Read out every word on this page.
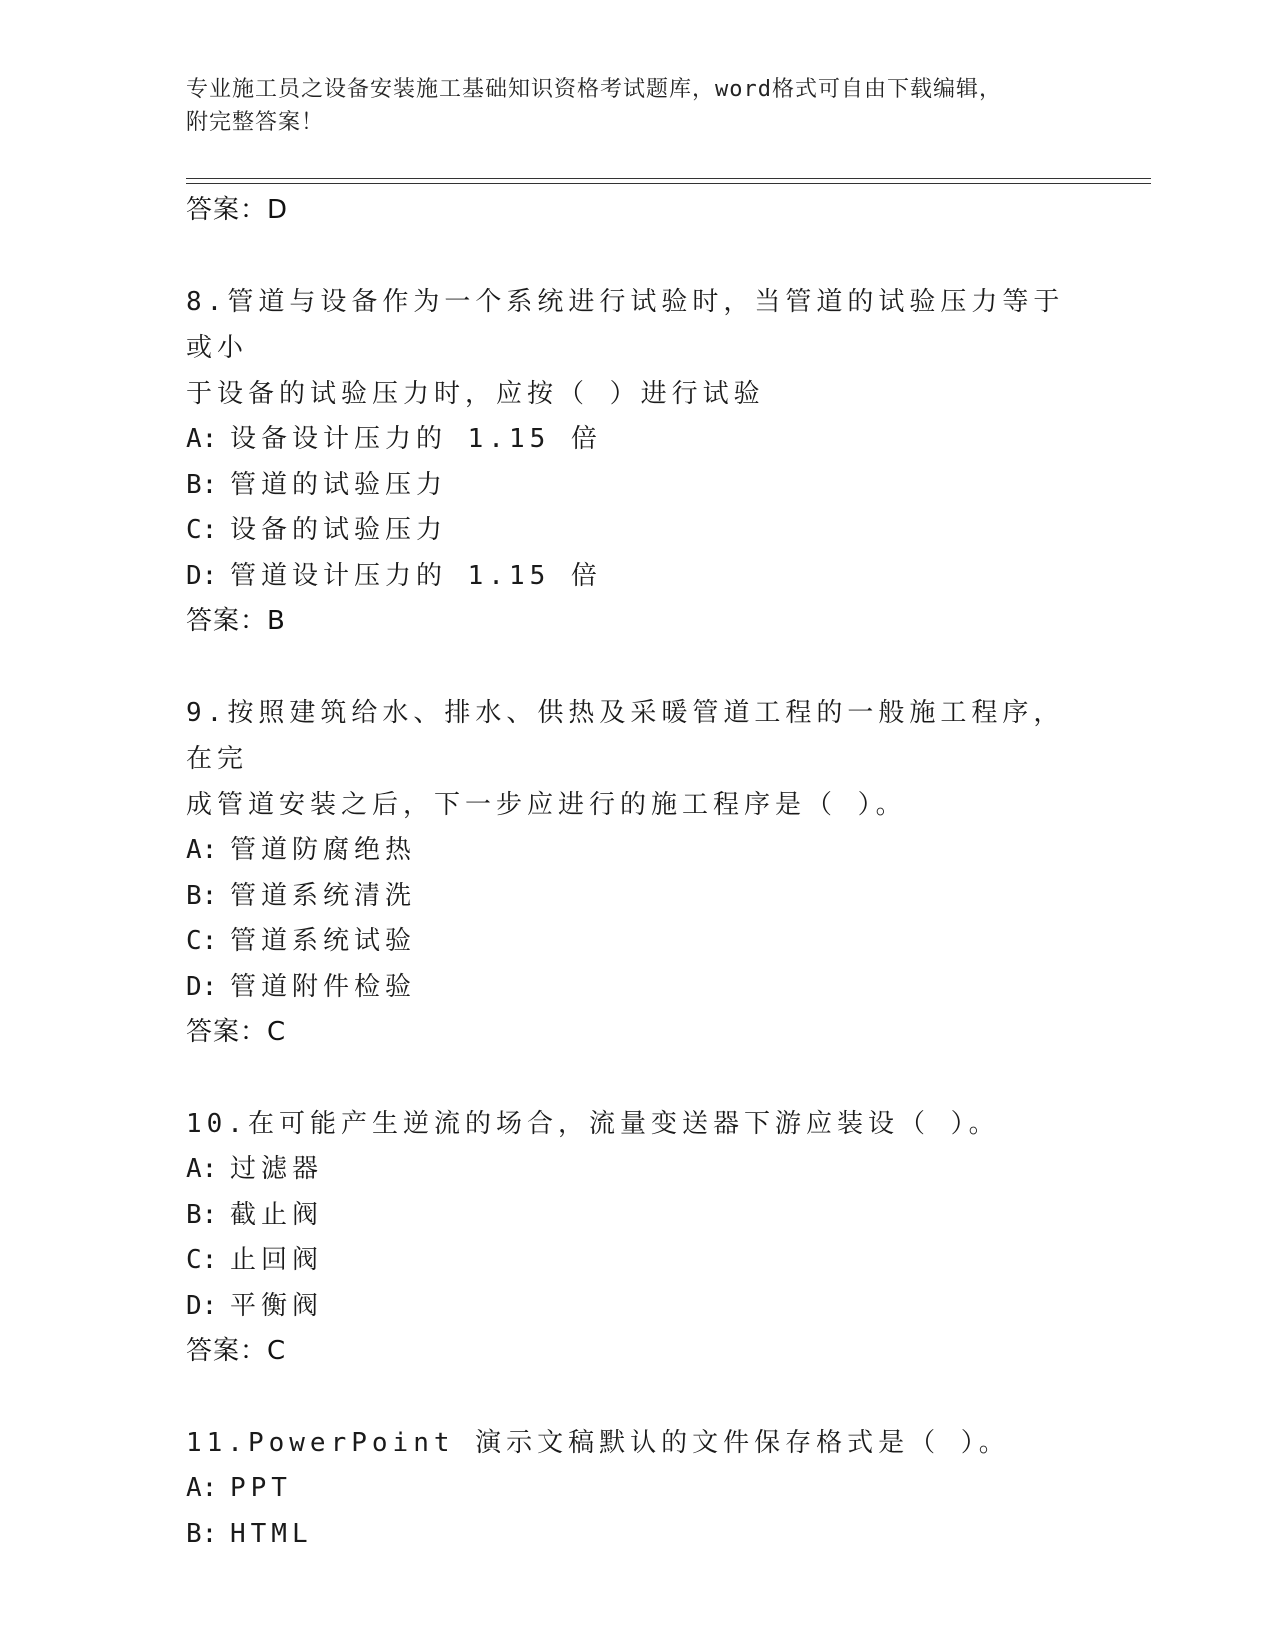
专业施工员之设备安装施工基础知识资格考试题库，word格式可自由下载编辑，
附完整答案！
答案：D
8.管道与设备作为一个系统进行试验时，当管道的试验压力等于或小
于设备的试验压力时，应按（ ）进行试验
A: 设备设计压力的 1.15 倍
B: 管道的试验压力
C: 设备的试验压力
D: 管道设计压力的 1.15 倍
答案：B
9.按照建筑给水、排水、供热及采暖管道工程的一般施工程序，在完
成管道安装之后，下一步应进行的施工程序是（ ）。
A: 管道防腐绝热
B: 管道系统清洗
C: 管道系统试验
D: 管道附件检验
答案：C
10.在可能产生逆流的场合，流量变送器下游应装设（ ）。
A: 过滤器
B: 截止阀
C: 止回阀
D: 平衡阀
答案：C
11.PowerPoint 演示文稿默认的文件保存格式是（ ）。
A: PPT
B: HTML
